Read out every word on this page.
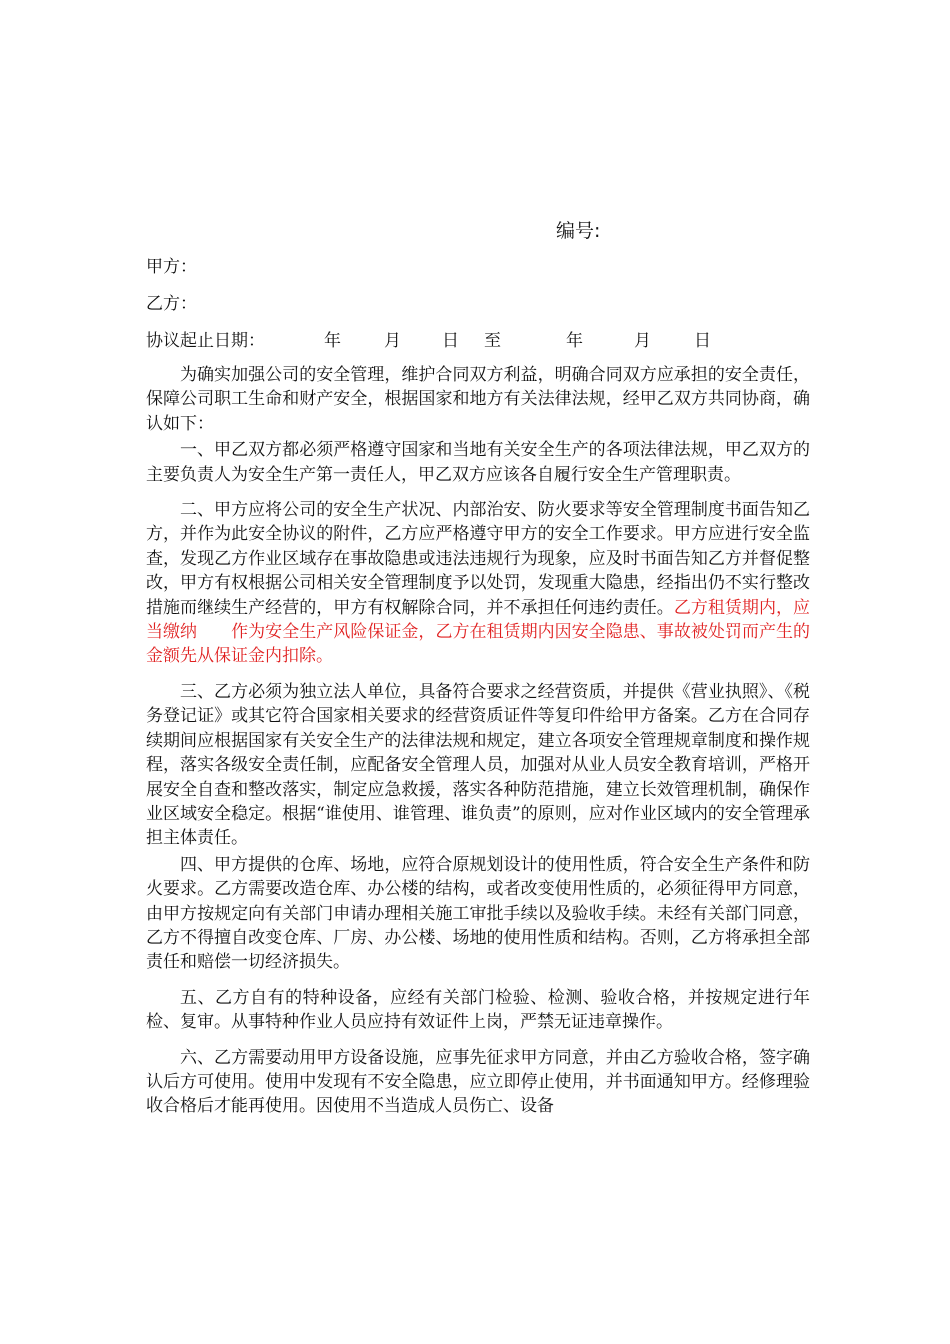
编号:
甲方：
乙方：
协议起止日期：	年	月 日 至	年	月	日

为确实加强公司的安全管理，维护合同双方利益，明确合同双方应承担的安全责任，保障公司职工生命和财产安全，根据国家和地方有关法律法规，经甲乙双方共同协商，确认如下：

一、甲乙双方都必须严格遵守国家和当地有关安全生产的各项法律法规，甲乙双方的主要负责人为安全生产第一责任人，甲乙双方应该各自履行安全生产管理职责。

二、甲方应将公司的安全生产状况、内部治安、防火要求等安全管理制度书面告知乙方，并作为此安全协议的附件，乙方应严格遵守甲方的安全工作要求。甲方应进行安全监查，发现乙方作业区域存在事故隐患或违法违规行为现象，应及时书面告知乙方并督促整改，甲方有权根据公司相关安全管理制度予以处罚，发现重大隐患，经指出仍不实行整改措施而继续生产经营的，甲方有权解除合同，并不承担任何违约责任。乙方租赁期内，应当缴纳　　作为安全生产风险保证金，乙方在租赁期内因安全隐患、事故被处罚而产生的金额先从保证金内扣除。

三、乙方必须为独立法人单位，具备符合要求之经营资质，并提供《营业执照》、《税务登记证》或其它符合国家相关要求的经营资质证件等复印件给甲方备案。乙方在合同存续期间应根据国家有关安全生产的法律法规和规定，建立各项安全管理规章制度和操作规程，落实各级安全责任制，应配备安全管理人员，加强对从业人员安全教育培训，严格开展安全自查和整改落实，制定应急救援，落实各种防范措施，建立长效管理机制，确保作业区域安全稳定。根据“谁使用、谁管理、谁负责”的原则，应对作业区域内的安全管理承担主体责任。

四、甲方提供的仓库、场地，应符合原规划设计的使用性质，符合安全生产条件和防火要求。乙方需要改造仓库、办公楼的结构，或者改变使用性质的，必须征得甲方同意，由甲方按规定向有关部门申请办理相关施工审批手续以及验收手续。未经有关部门同意，乙方不得擅自改变仓库、厂房、办公楼、场地的使用性质和结构。否则，乙方将承担全部责任和赔偿一切经济损失。

五、乙方自有的特种设备，应经有关部门检验、检测、验收合格，并按规定进行年检、复审。从事特种作业人员应持有效证件上岗，严禁无证违章操作。

六、乙方需要动用甲方设备设施，应事先征求甲方同意，并由乙方验收合格，签字确认后方可使用。使用中发现有不安全隐患，应立即停止使用，并书面通知甲方。经修理验收合格后才能再使用。因使用不当造成人员伤亡、设备
